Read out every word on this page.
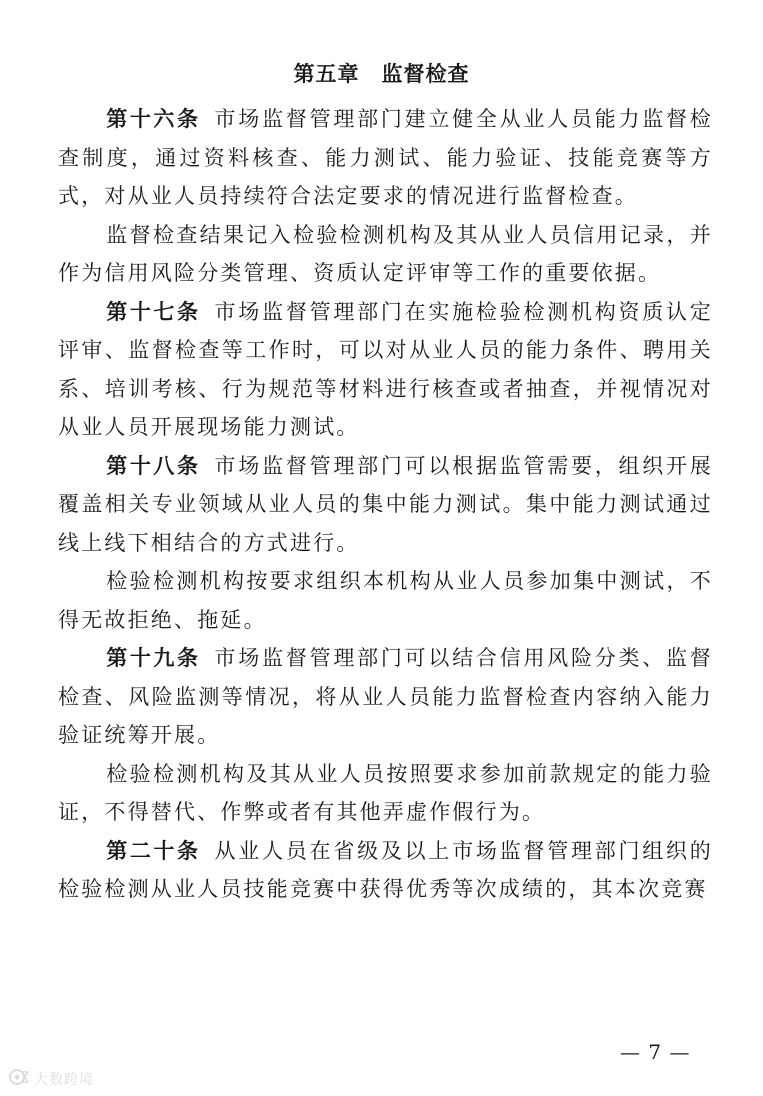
第五章　监督检查

第十六条 市场监督管理部门建立健全从业人员能力监督检查制度，通过资料核查、能力测试、能力验证、技能竞赛等方式，对从业人员持续符合法定要求的情况进行监督检查。

监督检查结果记入检验检测机构及其从业人员信用记录，并作为信用风险分类管理、资质认定评审等工作的重要依据。

第十七条 市场监督管理部门在实施检验检测机构资质认定评审、监督检查等工作时，可以对从业人员的能力条件、聘用关系、培训考核、行为规范等材料进行核查或者抽查，并视情况对从业人员开展现场能力测试。

第十八条 市场监督管理部门可以根据监管需要，组织开展覆盖相关专业领域从业人员的集中能力测试。集中能力测试通过线上线下相结合的方式进行。

检验检测机构按要求组织本机构从业人员参加集中测试，不得无故拒绝、拖延。

第十九条 市场监督管理部门可以结合信用风险分类、监督检查、风险监测等情况，将从业人员能力监督检查内容纳入能力验证统筹开展。

检验检测机构及其从业人员按照要求参加前款规定的能力验证，不得替代、作弊或者有其他弄虚作假行为。

第二十条 从业人员在省级及以上市场监督管理部门组织的检验检测从业人员技能竞赛中获得优秀等次成绩的，其本次竞赛

— 7 —
大数跨境
